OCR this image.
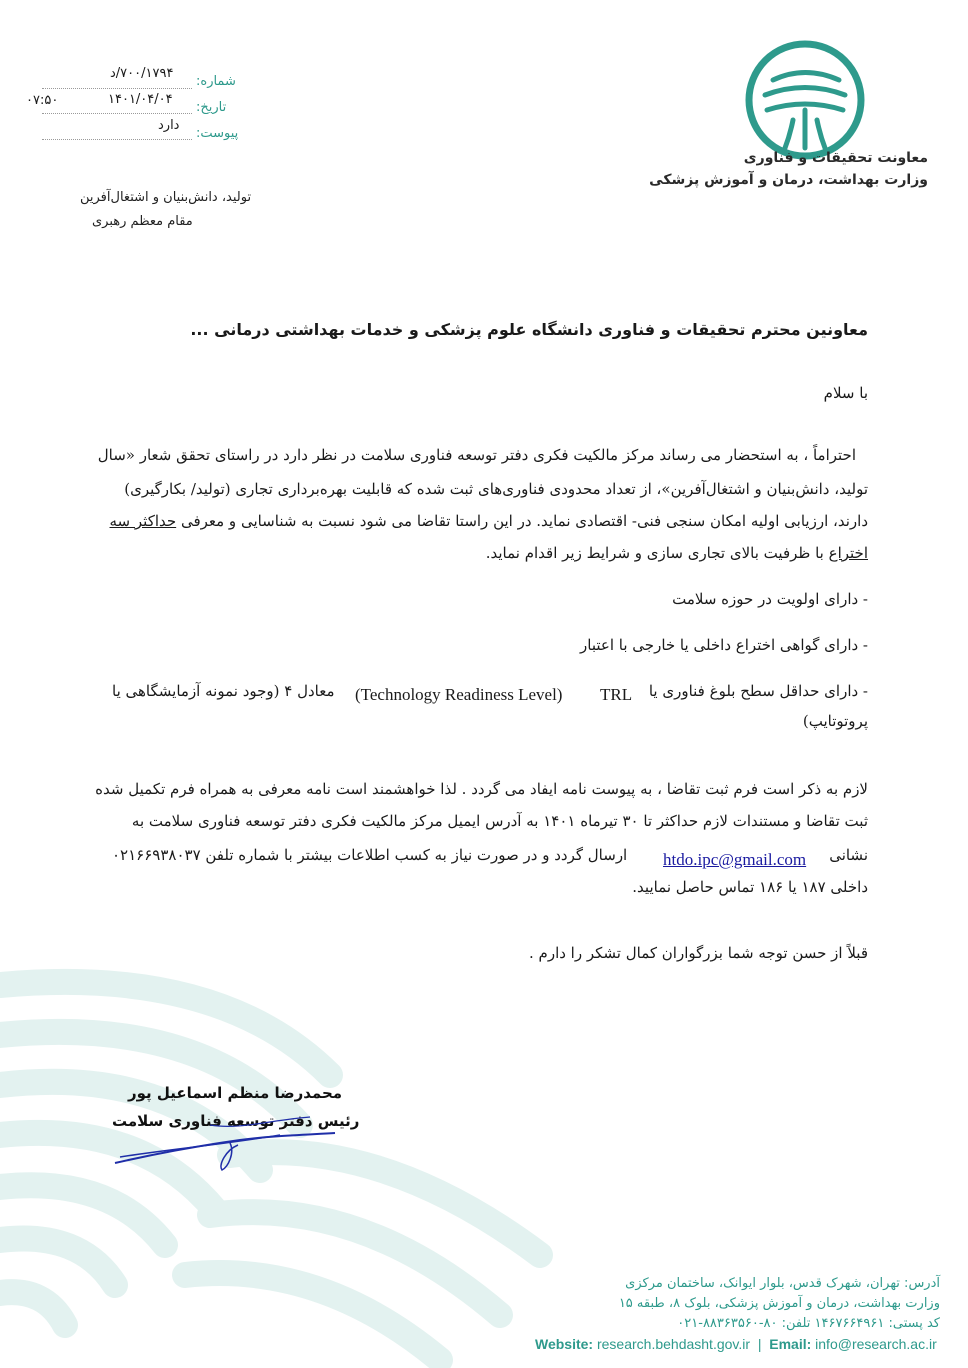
معاونت تحقیقات و فناوری
وزارت بهداشت، درمان و آموزش پزشکی
شماره:
۷۰۰/۱۷۹۴/د
تاریخ:
۱۴۰۱/۰۴/۰۴
۰۷:۵۰
پیوست:
دارد
تولید، دانش‌بنیان و اشتغال‌آفرین
مقام معظم رهبری
معاونین محترم تحقیقات و فناوری دانشگاه علوم پزشکی و خدمات بهداشتی درمانی ...
با سلام
احتراماً ، به استحضار می رساند مرکز مالکیت فکری دفتر توسعه فناوری سلامت در نظر دارد در راستای تحقق شعار «سال
تولید، دانش‌بنیان و اشتغال‌آفرین»، از تعداد محدودی فناوری‌های ثبت شده که قابلیت بهره‌برداری تجاری (تولید/ بکارگیری)
دارند، ارزیابی اولیه امکان سنجی فنی- اقتصادی نماید. در این راستا تقاضا می شود نسبت به شناسایی و معرفی حداکثر سه
اختراع با ظرفیت بالای تجاری سازی و شرایط زیر اقدام نماید.
- دارای اولویت در حوزه سلامت
- دارای گواهی اختراع داخلی یا خارجی با اعتبار
- دارای حداقل سطح بلوغ فناوری یا
TRL
(Technology Readiness Level)
معادل ۴ (وجود نمونه آزمایشگاهی یا
پروتوتایپ)
لازم به ذکر است فرم ثبت تقاضا ، به پیوست نامه ایفاد می گردد . لذا خواهشمند است نامه معرفی به همراه فرم تکمیل شده
ثبت تقاضا و مستندات لازم حداکثر تا ۳۰ تیرماه ۱۴۰۱ به آدرس ایمیل مرکز مالکیت فکری دفتر توسعه فناوری سلامت به
نشانی
htdo.ipc@gmail.com
ارسال گردد و در صورت نیاز به کسب اطلاعات بیشتر با شماره تلفن ۰۲۱۶۶۹۳۸۰۳۷
داخلی ۱۸۷ یا ۱۸۶ تماس حاصل نمایید.
قبلاً از حسن توجه شما بزرگواران کمال تشکر را دارم .
محمدرضا منظم اسماعیل پور
رئیس دفتر توسعه فناوری سلامت
آدرس: تهران، شهرک قدس، بلوار ایوانک، ساختمان مرکزی
وزارت بهداشت، درمان و آموزش پزشکی، بلوک ۸، طبقه ۱۵
کد پستی: ۱۴۶۷۶۶۴۹۶۱ تلفن: ۸۰-۸۸۳۶۳۵۶۰-۰۲۱
Website: research.behdasht.gov.ir  |  Email: info@research.ac.ir
